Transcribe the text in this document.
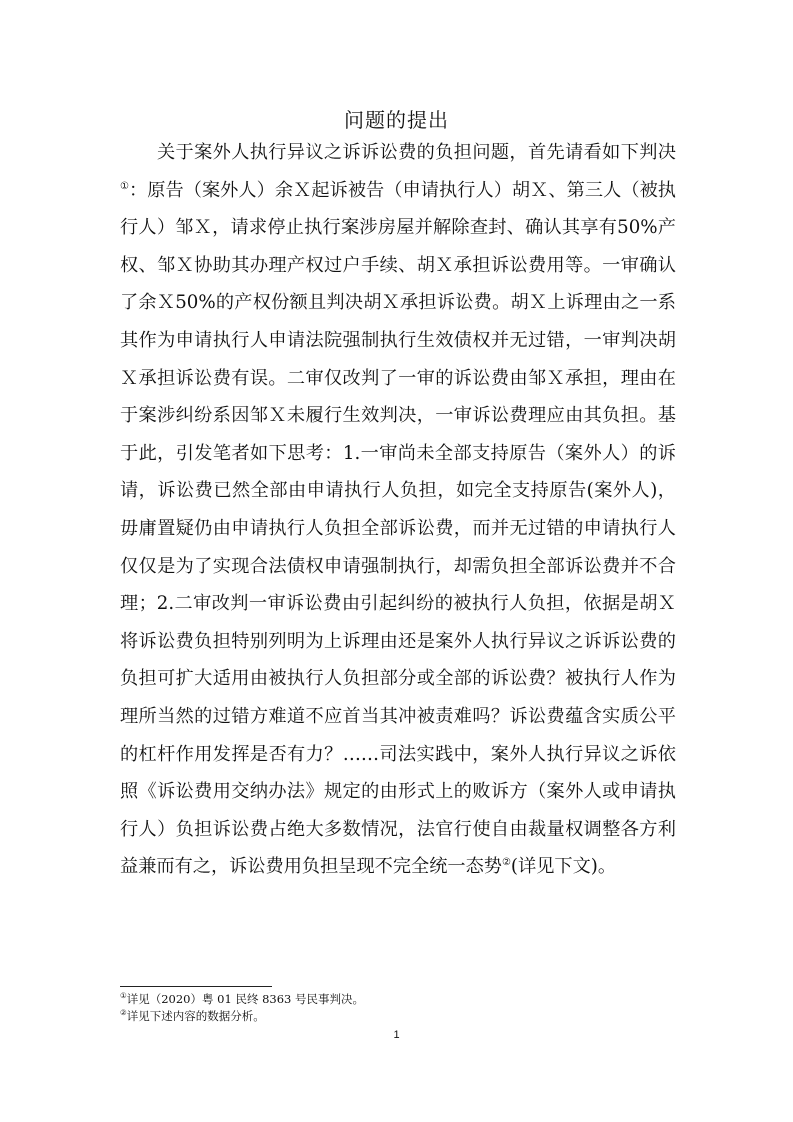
问题的提出

关于案外人执行异议之诉诉讼费的负担问题，首先请看如下判决①：原告（案外人）余Ｘ起诉被告（申请执行人）胡Ｘ、第三人（被执行人）邹Ｘ，请求停止执行案涉房屋并解除查封、确认其享有50%产权、邹Ｘ协助其办理产权过户手续、胡Ｘ承担诉讼费用等。一审确认了余Ｘ50%的产权份额且判决胡Ｘ承担诉讼费。胡Ｘ上诉理由之一系其作为申请执行人申请法院强制执行生效债权并无过错，一审判决胡Ｘ承担诉讼费有误。二审仅改判了一审的诉讼费由邹Ｘ承担，理由在于案涉纠纷系因邹Ｘ未履行生效判决，一审诉讼费理应由其负担。基于此，引发笔者如下思考：1.一审尚未全部支持原告（案外人）的诉请，诉讼费已然全部由申请执行人负担，如完全支持原告(案外人)，毋庸置疑仍由申请执行人负担全部诉讼费，而并无过错的申请执行人仅仅是为了实现合法债权申请强制执行，却需负担全部诉讼费并不合理；2.二审改判一审诉讼费由引起纠纷的被执行人负担，依据是胡Ｘ将诉讼费负担特别列明为上诉理由还是案外人执行异议之诉诉讼费的负担可扩大适用由被执行人负担部分或全部的诉讼费？被执行人作为理所当然的过错方难道不应首当其冲被责难吗？诉讼费蕴含实质公平的杠杆作用发挥是否有力？……司法实践中，案外人执行异议之诉依照《诉讼费用交纳办法》规定的由形式上的败诉方（案外人或申请执行人）负担诉讼费占绝大多数情况，法官行使自由裁量权调整各方利益兼而有之，诉讼费用负担呈现不完全统一态势②(详见下文)。

①详见（2020）粤 01 民终 8363 号民事判决。
②详见下述内容的数据分析。
1
